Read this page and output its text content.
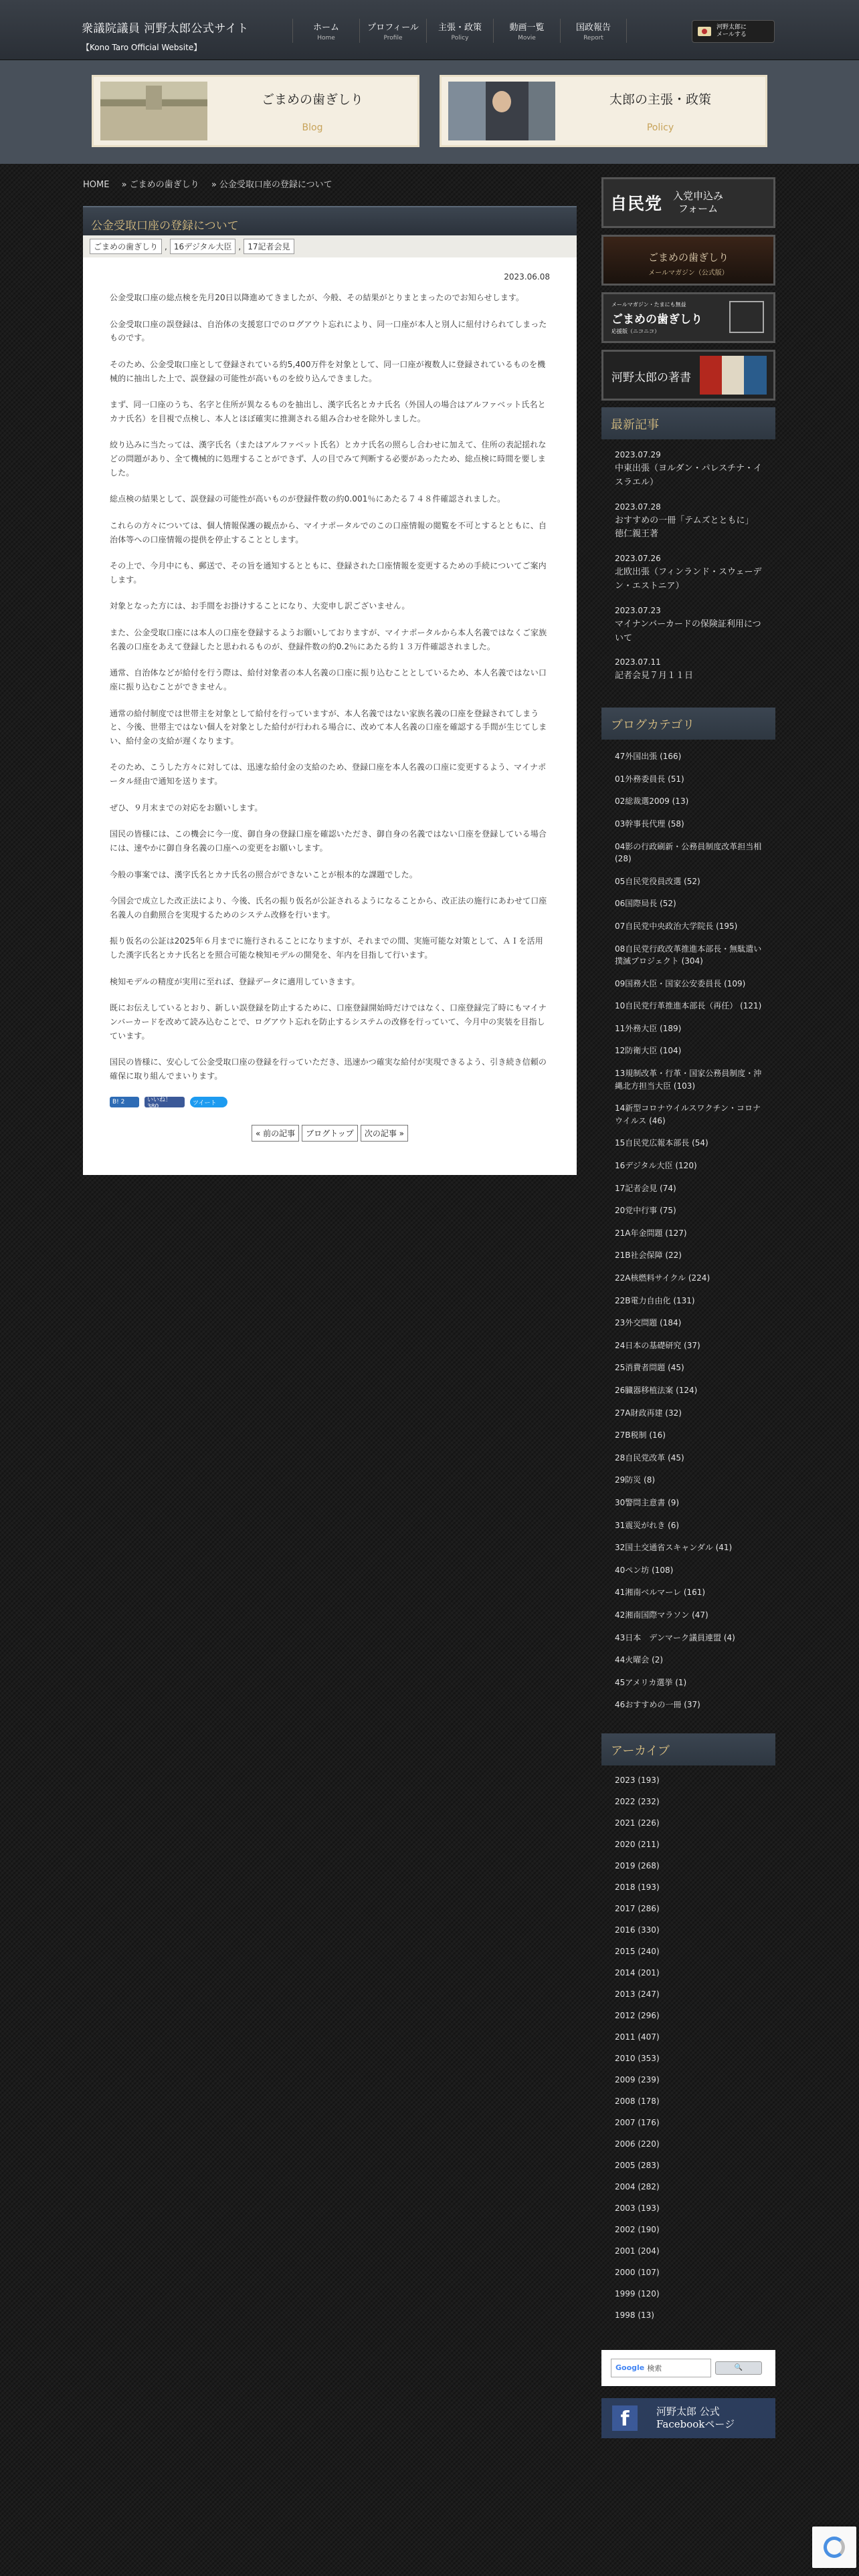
衆議院議員 河野太郎公式サイト
【Kono Taro Official Website】
ホーム
Home
プロフィール
Profile
主張・政策
Policy
動画一覧
Movie
国政報告
Report
河野太郎に
メールする
ごまめの歯ぎしり
Blog
太郎の主張・政策
Policy
HOME » ごまめの歯ぎしり » 公金受取口座の登録について
公金受取口座の登録について
ごまめの歯ぎしり , 16デジタル大臣 , 17記者会見
2023.06.08

公金受取口座の総点検を先月20日以降進めてきましたが、今般、その結果がとりまとまったのでお知らせします。

公金受取口座の誤登録は、自治体の支援窓口でのログアウト忘れにより、同一口座が本人と別人に紐付けられてしまったものです。

そのため、公金受取口座として登録されている約5,400万件を対象として、同一口座が複数人に登録されているものを機械的に抽出した上で、誤登録の可能性が高いものを絞り込んできました。

まず、同一口座のうち、名字と住所が異なるものを抽出し、漢字氏名とカナ氏名（外国人の場合はアルファベット氏名とカナ氏名）を目視で点検し、本人とほぼ確実に推測される組み合わせを除外しました。

絞り込みに当たっては、漢字氏名（またはアルファベット氏名）とカナ氏名の照らし合わせに加えて、住所の表記揺れなどの問題があり、全て機械的に処理することができず、人の目でみて判断する必要があったため、総点検に時間を要しました。

総点検の結果として、誤登録の可能性が高いものが登録件数の約0.001％にあたる７４８件確認されました。

これらの方々については、個人情報保護の観点から、マイナポータルでのこの口座情報の閲覧を不可とするとともに、自治体等への口座情報の提供を停止することとします。

その上で、今月中にも、郵送で、その旨を通知するとともに、登録された口座情報を変更するための手続についてご案内します。

対象となった方には、お手間をお掛けすることになり、大変申し訳ございません。

また、公金受取口座には本人の口座を登録するようお願いしておりますが、マイナポータルから本人名義ではなくご家族名義の口座をあえて登録したと思われるものが、登録件数の約0.2％にあたる約１３万件確認されました。

通常、自治体などが給付を行う際は、給付対象者の本人名義の口座に振り込むこととしているため、本人名義ではない口座に振り込むことができません。

通常の給付制度では世帯主を対象として給付を行っていますが、本人名義ではない家族名義の口座を登録されてしまうと、今後、世帯主ではない個人を対象とした給付が行われる場合に、改めて本人名義の口座を確認する手間が生じてしまい、給付金の支給が遅くなります。

そのため、こうした方々に対しては、迅速な給付金の支給のため、登録口座を本人名義の口座に変更するよう、マイナポータル経由で通知を送ります。

ぜひ、９月末までの対応をお願いします。

国民の皆様には、この機会に今一度、御自身の登録口座を確認いただき、御自身の名義ではない口座を登録している場合には、速やかに御自身名義の口座への変更をお願いします。

今般の事案では、漢字氏名とカナ氏名の照合ができないことが根本的な課題でした。

今国会で成立した改正法により、今後、氏名の振り仮名が公証されるようになることから、改正法の施行にあわせて口座名義人の自動照合を実現するためのシステム改修を行います。

振り仮名の公証は2025年６月までに施行されることになりますが、それまでの間、実施可能な対策として、ＡＩを活用した漢字氏名とカナ氏名とを照合可能な検知モデルの開発を、年内を目指して行います。

検知モデルの精度が実用に至れば、登録データに適用していきます。

既にお伝えしているとおり、新しい誤登録を防止するために、口座登録開始時だけではなく、口座登録完了時にもマイナンバーカードを改めて読み込むことで、ログアウト忘れを防止するシステムの改修を行っていて、今月中の実装を目指しています。

国民の皆様に、安心して公金受取口座の登録を行っていただき、迅速かつ確実な給付が実現できるよう、引き続き信頼の確保に取り組んでまいります。

B! 2	いいね！ 380	ツイート
« 前の記事	ブログトップ	次の記事 »
自民党 入党申込み
フォーム
ごまめの歯ぎしり
メールマガジン（公式版）
メールマガジン・たまにも無益
ごまめの歯ぎしり
応援版（ニコニコ）
河野太郎の著書
最新記事
2023.07.29
中東出張（ヨルダン・パレスチナ・イスラエル）
2023.07.28
おすすめの一冊「テムズとともに」徳仁親王著
2023.07.26
北欧出張（フィンランド・スウェーデン・エストニア）
2023.07.23
マイナンバーカードの保険証利用について
2023.07.11
記者会見７月１１日
ブログカテゴリ
47外国出張 (166)
01外務委員長 (51)
02総裁選2009 (13)
03幹事長代理 (58)
04影の行政刷新・公務員制度改革担当相 (28)
05自民党役員改選 (52)
06国際局長 (52)
07自民党中央政治大学院長 (195)
08自民党行政改革推進本部長・無駄遣い撲滅プロジェクト (304)
09国務大臣・国家公安委員長 (109)
10自民党行革推進本部長（再任） (121)
11外務大臣 (189)
12防衛大臣 (104)
13規制改革・行革・国家公務員制度・沖縄北方担当大臣 (103)
14新型コロナウイルスワクチン・コロナウイルス (46)
15自民党広報本部長 (54)
16デジタル大臣 (120)
17記者会見 (74)
20党中行事 (75)
21A年金問題 (127)
21B社会保障 (22)
22A核燃料サイクル (224)
22B電力自由化 (131)
23外交問題 (184)
24日本の基礎研究 (37)
25消費者問題 (45)
26臓器移植法案 (124)
27A財政再建 (32)
27B税制 (16)
28自民党改革 (45)
29防災 (8)
30警問主意書 (9)
31震災がれき (6)
32国土交通省スキャンダル (41)
40ペン坊 (108)
41湘南ベルマーレ (161)
42湘南国際マラソン (47)
43日本　デンマーク議員連盟 (4)
44火曜会 (2)
45アメリカ選挙 (1)
46おすすめの一冊 (37)
アーカイブ
2023 (193)
2022 (232)
2021 (226)
2020 (211)
2019 (268)
2018 (193)
2017 (286)
2016 (330)
2015 (240)
2014 (201)
2013 (247)
2012 (296)
2011 (407)
2010 (353)
2009 (239)
2008 (178)
2007 (176)
2006 (220)
2005 (283)
2004 (282)
2003 (193)
2002 (190)
2001 (204)
2000 (107)
1999 (120)
1998 (13)
Google 検索	🔍
f	河野太郎 公式
Facebookページ
